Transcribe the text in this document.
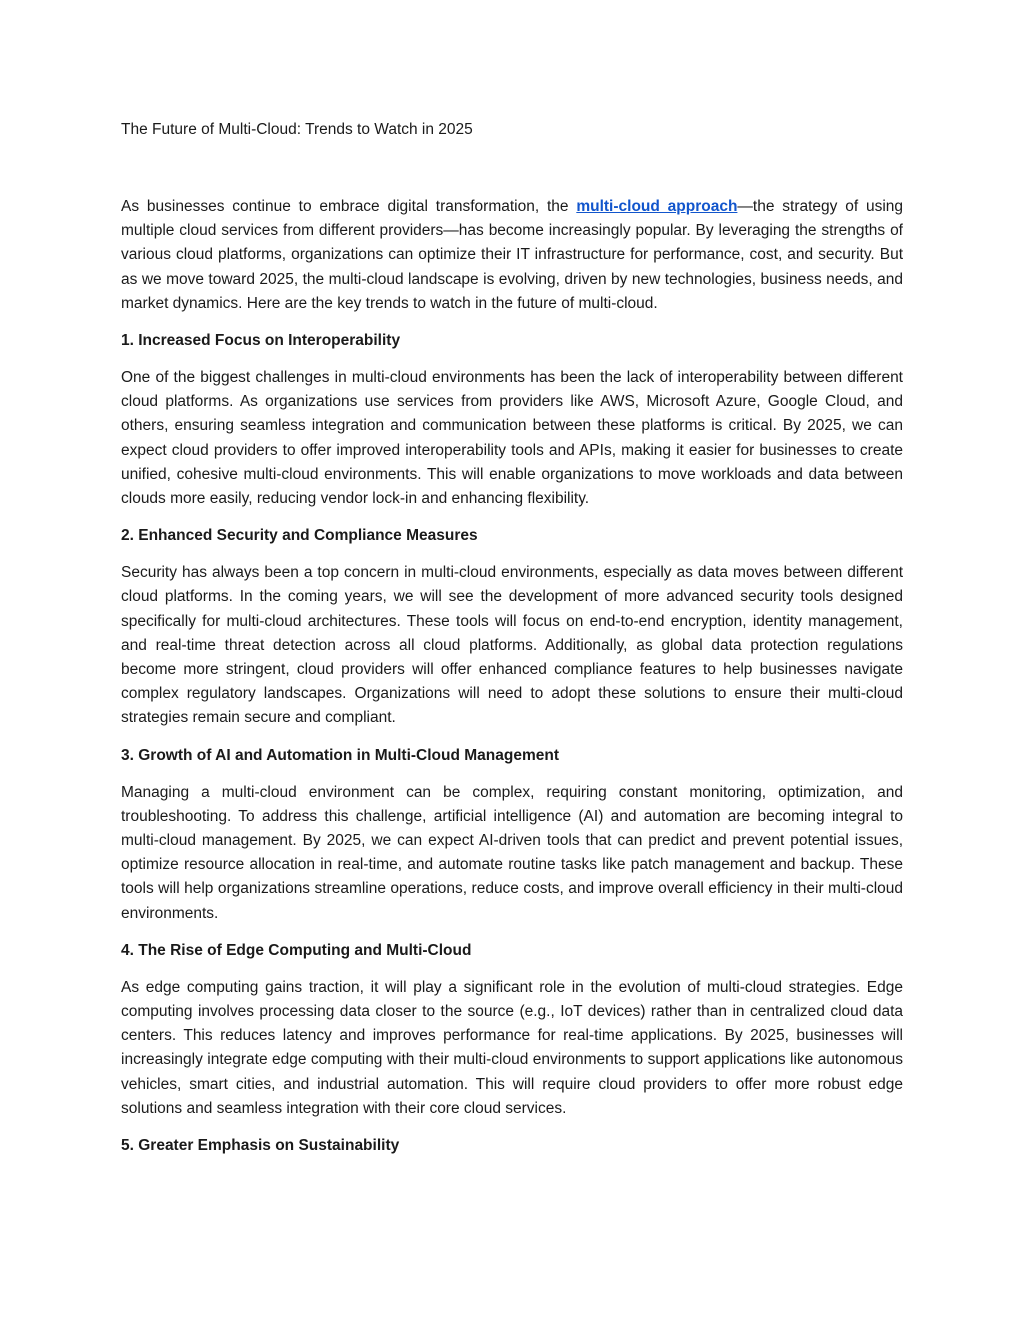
The Future of Multi-Cloud: Trends to Watch in 2025

As businesses continue to embrace digital transformation, the multi-cloud approach—the strategy of using multiple cloud services from different providers—has become increasingly popular. By leveraging the strengths of various cloud platforms, organizations can optimize their IT infrastructure for performance, cost, and security. But as we move toward 2025, the multi-cloud landscape is evolving, driven by new technologies, business needs, and market dynamics. Here are the key trends to watch in the future of multi-cloud.

1. Increased Focus on Interoperability

One of the biggest challenges in multi-cloud environments has been the lack of interoperability between different cloud platforms. As organizations use services from providers like AWS, Microsoft Azure, Google Cloud, and others, ensuring seamless integration and communication between these platforms is critical. By 2025, we can expect cloud providers to offer improved interoperability tools and APIs, making it easier for businesses to create unified, cohesive multi-cloud environments. This will enable organizations to move workloads and data between clouds more easily, reducing vendor lock-in and enhancing flexibility.

2. Enhanced Security and Compliance Measures

Security has always been a top concern in multi-cloud environments, especially as data moves between different cloud platforms. In the coming years, we will see the development of more advanced security tools designed specifically for multi-cloud architectures. These tools will focus on end-to-end encryption, identity management, and real-time threat detection across all cloud platforms. Additionally, as global data protection regulations become more stringent, cloud providers will offer enhanced compliance features to help businesses navigate complex regulatory landscapes. Organizations will need to adopt these solutions to ensure their multi-cloud strategies remain secure and compliant.

3. Growth of AI and Automation in Multi-Cloud Management

Managing a multi-cloud environment can be complex, requiring constant monitoring, optimization, and troubleshooting. To address this challenge, artificial intelligence (AI) and automation are becoming integral to multi-cloud management. By 2025, we can expect AI-driven tools that can predict and prevent potential issues, optimize resource allocation in real-time, and automate routine tasks like patch management and backup. These tools will help organizations streamline operations, reduce costs, and improve overall efficiency in their multi-cloud environments.

4. The Rise of Edge Computing and Multi-Cloud

As edge computing gains traction, it will play a significant role in the evolution of multi-cloud strategies. Edge computing involves processing data closer to the source (e.g., IoT devices) rather than in centralized cloud data centers. This reduces latency and improves performance for real-time applications. By 2025, businesses will increasingly integrate edge computing with their multi-cloud environments to support applications like autonomous vehicles, smart cities, and industrial automation. This will require cloud providers to offer more robust edge solutions and seamless integration with their core cloud services.

5. Greater Emphasis on Sustainability
